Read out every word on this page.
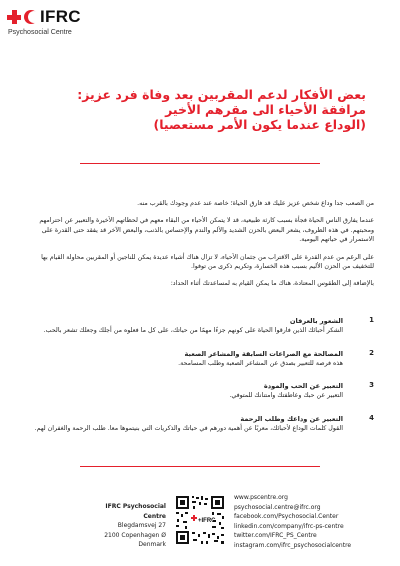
IFRC
Psychosocial Centre
بعض الأفكار لدعم المقربين بعد وفاة فرد عزيز:
مرافقة الأحياء الى مقرهم الأخير
(الوداع عندما يكون الأمر مستعصيا)

من الصعب جدا وداع شخص عزيز عليك قد فارق الحياة؛ خاصة عند عدم وجودك بالقرب منه.

عندما يفارق الناس الحياة فجأة بسبب كارثة طبيعية، قد لا يتمكن الأحياء من البقاء معهم في لحظاتهم الأخيرة والتعبير عن احترامهم ومحبتهم. في هذه الظروف، يشعر البعض بالحزن الشديد والألم والندم والإحساس بالذنب، والبعض الآخر قد يفقد حتى القدرة على الاستمرار في حياتهم اليومية.

على الرغم من عدم القدرة على الاقتراب من جثمان الأحياء، لا تزال هناك أشياء عديدة يمكن للناجين أو المقربين محاولة القيام بها للتخفيف من الحزن الأليم بسبب هذه الخسارة، وتكريم ذكرى من توفوا.

بالإضافة إلى الطقوس المعتادة، هناك ما يمكن القيام به لمساعدتك أثناء الحداد:

1
الشعور بالعرفان
الشكر أحبائك الذين فارقوا الحياة على كونهم جزءًا مهمًا من حياتك، على كل ما فعلوه من أجلك وجعلك تشعر بالحب.
2
المصالحة مع الصراعات السابقة والمشاعر الصعبة
هذه فرصة للتعبير بصدق عن المشاعر الصعبة وطلب المسامحة.
3
التعبير عن الحب والمودة
التعبير عن حبك وعاطفتك وامتنانك للمتوفي.
4
التعبير عن وداعك وطلب الرحمة
القول كلمات الوداع لأحبائك، معربًا عن أهمية دورهم في حياتك والذكريات التي بنيتموها معا. طلب الرحمة والغفران لهم.
IFRC Psychosocial Centre
Blegdamsvej 27
2100 Copenhagen Ø
Denmark
+IFRC
www.pscentre.org
psychosocial.centre@ifrc.org
facebook.com/Psychosocial.Center
linkedin.com/company/ifrc-ps-centre
twitter.com/IFRC_PS_Centre
instagram.com/ifrc_psychosocialcentre
